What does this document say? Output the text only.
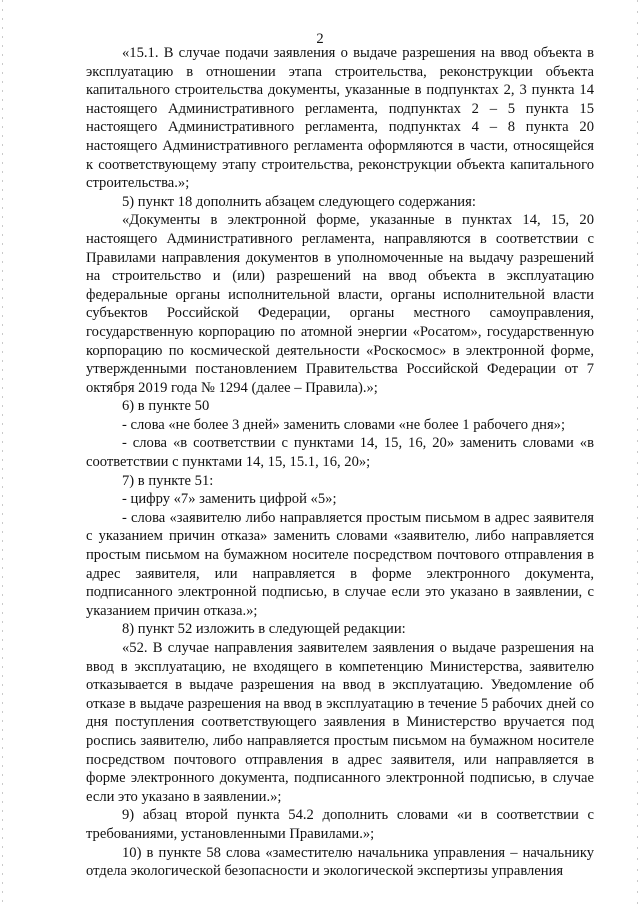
2

«15.1. В случае подачи заявления о выдаче разрешения на ввод объекта в эксплуатацию в отношении этапа строительства, реконструкции объекта капитального строительства документы, указанные в подпунктах 2, 3 пункта 14 настоящего Административного регламента, подпунктах 2 – 5 пункта 15 настоящего Административного регламента, подпунктах 4 – 8 пункта 20 настоящего Административного регламента оформляются в части, относящейся к соответствующему этапу строительства, реконструкции объекта капитального строительства.»;

5) пункт 18 дополнить абзацем следующего содержания:

«Документы в электронной форме, указанные в пунктах 14, 15, 20 настоящего Административного регламента, направляются в соответствии с Правилами направления документов в уполномоченные на выдачу разрешений на строительство и (или) разрешений на ввод объекта в эксплуатацию федеральные органы исполнительной власти, органы исполнительной власти субъектов Российской Федерации, органы местного самоуправления, государственную корпорацию по атомной энергии «Росатом», государственную корпорацию по космической деятельности «Роскосмос» в электронной форме, утвержденными постановлением Правительства Российской Федерации от 7 октября 2019 года № 1294 (далее – Правила).»;

6) в пункте 50

- слова «не более 3 дней» заменить словами «не более 1 рабочего дня»;

- слова «в соответствии с пунктами 14, 15, 16, 20» заменить словами «в соответствии с пунктами 14, 15, 15.1, 16, 20»;

7) в пункте 51:

- цифру «7» заменить цифрой «5»;

- слова «заявителю либо направляется простым письмом в адрес заявителя с указанием причин отказа» заменить словами «заявителю, либо направляется простым письмом на бумажном носителе посредством почтового отправления в адрес заявителя, или направляется в форме электронного документа, подписанного электронной подписью, в случае если это указано в заявлении, с указанием причин отказа.»;

8) пункт 52 изложить в следующей редакции:

«52. В случае направления заявителем заявления о выдаче разрешения на ввод в эксплуатацию, не входящего в компетенцию Министерства, заявителю отказывается в выдаче разрешения на ввод в эксплуатацию. Уведомление об отказе в выдаче разрешения на ввод в эксплуатацию в течение 5 рабочих дней со дня поступления соответствующего заявления в Министерство вручается под роспись заявителю, либо направляется простым письмом на бумажном носителе посредством почтового отправления в адрес заявителя, или направляется в форме электронного документа, подписанного электронной подписью, в случае если это указано в заявлении.»;

9) абзац второй пункта 54.2 дополнить словами «и в соответствии с требованиями, установленными Правилами.»;

10) в пункте 58 слова «заместителю начальника управления – начальнику отдела экологической безопасности и экологической экспертизы управления
